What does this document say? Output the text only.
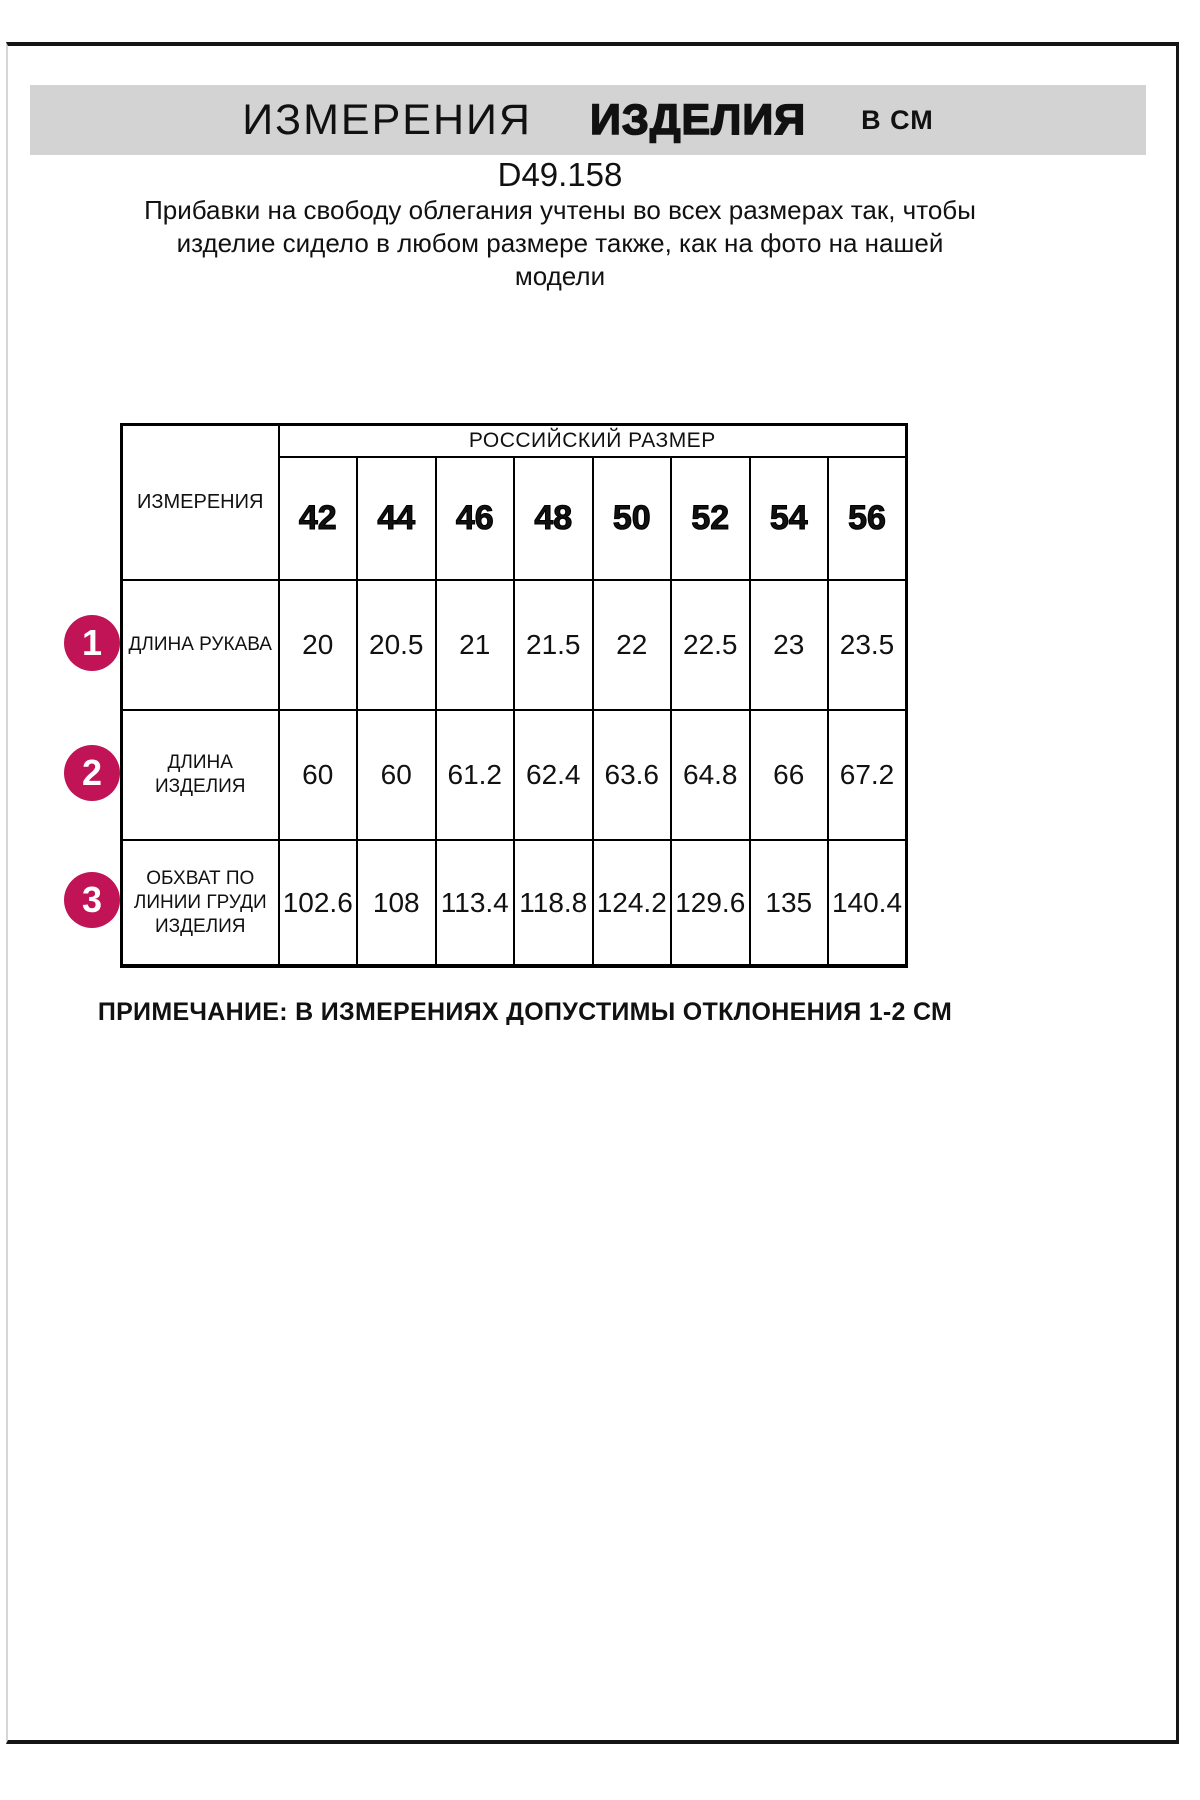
ИЗМЕРЕНИЯ ИЗДЕЛИЯ В СМ
D49.158
Прибавки на свободу облегания учтены во всех размерах так, чтобы
изделие сидело в любом размере также, как на фото на нашей
модели
ИЗМЕРЕНИЯ	РОССИЙСКИЙ РАЗМЕР							
	42	44	46	48	50	52	54	56
ДЛИНА РУКАВА	20	20.5	21	21.5	22	22.5	23	23.5
ДЛИНА ИЗДЕЛИЯ	60	60	61.2	62.4	63.6	64.8	66	67.2
ОБХВАТ ПО ЛИНИИ ГРУДИ ИЗДЕЛИЯ	102.6	108	113.4	118.8	124.2	129.6	135	140.4
1
2
3
ПРИМЕЧАНИЕ: В ИЗМЕРЕНИЯХ ДОПУСТИМЫ ОТКЛОНЕНИЯ 1-2 СМ
